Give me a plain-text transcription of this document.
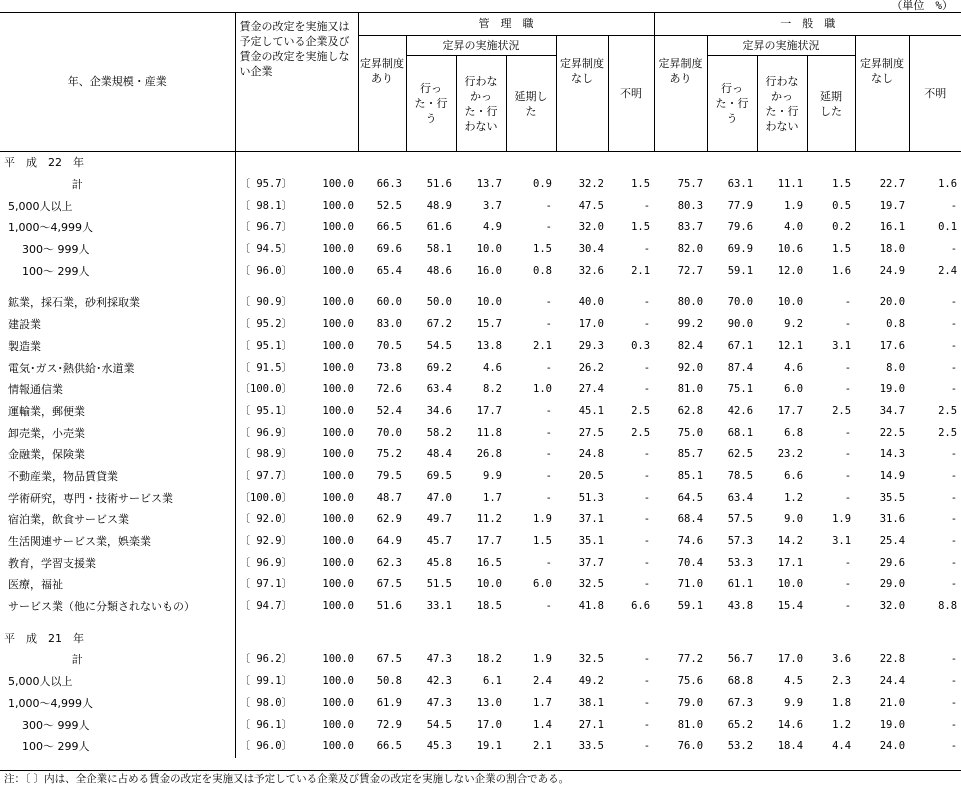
（単位　%）
年、企業規模・産業	賃金の改定を実施又は予定している企業及び賃金の改定を実施しない企業		管　理　職						一　般　職					
			定昇制度あり	定昇の実施状況			定昇制度なし	不明	定昇制度あり	定昇の実施状況			定昇制度なし	不明
				行った・行う	行わなかった・行わない	延期した				行った・行う	行わなかった・行わない	延期した		
平　成　22　年														
計	〔 95.7〕	100.0	66.3	51.6	13.7	0.9	32.2	1.5	75.7	63.1	11.1	1.5	22.7	1.6
5,000人以上	〔 98.1〕	100.0	52.5	48.9	3.7	-	47.5	-	80.3	77.9	1.9	0.5	19.7	-
1,000～4,999人	〔 96.7〕	100.0	66.5	61.6	4.9	-	32.0	1.5	83.7	79.6	4.0	0.2	16.1	0.1
300～ 999人	〔 94.5〕	100.0	69.6	58.1	10.0	1.5	30.4	-	82.0	69.9	10.6	1.5	18.0	-
100～ 299人	〔 96.0〕	100.0	65.4	48.6	16.0	0.8	32.6	2.1	72.7	59.1	12.0	1.6	24.9	2.4

鉱業，採石業，砂利採取業	〔 90.9〕	100.0	60.0	50.0	10.0	-	40.0	-	80.0	70.0	10.0	-	20.0	-
建設業	〔 95.2〕	100.0	83.0	67.2	15.7	-	17.0	-	99.2	90.0	9.2	-	0.8	-
製造業	〔 95.1〕	100.0	70.5	54.5	13.8	2.1	29.3	0.3	82.4	67.1	12.1	3.1	17.6	-
電気･ガス･熱供給･水道業	〔 91.5〕	100.0	73.8	69.2	4.6	-	26.2	-	92.0	87.4	4.6	-	8.0	-
情報通信業	〔100.0〕	100.0	72.6	63.4	8.2	1.0	27.4	-	81.0	75.1	6.0	-	19.0	-
運輸業，郵便業	〔 95.1〕	100.0	52.4	34.6	17.7	-	45.1	2.5	62.8	42.6	17.7	2.5	34.7	2.5
卸売業，小売業	〔 96.9〕	100.0	70.0	58.2	11.8	-	27.5	2.5	75.0	68.1	6.8	-	22.5	2.5
金融業，保険業	〔 98.9〕	100.0	75.2	48.4	26.8	-	24.8	-	85.7	62.5	23.2	-	14.3	-
不動産業，物品賃貸業	〔 97.7〕	100.0	79.5	69.5	9.9	-	20.5	-	85.1	78.5	6.6	-	14.9	-
学術研究，専門・技術サービス業	〔100.0〕	100.0	48.7	47.0	1.7	-	51.3	-	64.5	63.4	1.2	-	35.5	-
宿泊業，飲食サービス業	〔 92.0〕	100.0	62.9	49.7	11.2	1.9	37.1	-	68.4	57.5	9.0	1.9	31.6	-
生活関連サービス業，娯楽業	〔 92.9〕	100.0	64.9	45.7	17.7	1.5	35.1	-	74.6	57.3	14.2	3.1	25.4	-
教育，学習支援業	〔 96.9〕	100.0	62.3	45.8	16.5	-	37.7	-	70.4	53.3	17.1	-	29.6	-
医療，福祉	〔 97.1〕	100.0	67.5	51.5	10.0	6.0	32.5	-	71.0	61.1	10.0	-	29.0	-
サービス業（他に分類されないもの）	〔 94.7〕	100.0	51.6	33.1	18.5	-	41.8	6.6	59.1	43.8	15.4	-	32.0	8.8

平　成　21　年														
計	〔 96.2〕	100.0	67.5	47.3	18.2	1.9	32.5	-	77.2	56.7	17.0	3.6	22.8	-
5,000人以上	〔 99.1〕	100.0	50.8	42.3	6.1	2.4	49.2	-	75.6	68.8	4.5	2.3	24.4	-
1,000～4,999人	〔 98.0〕	100.0	61.9	47.3	13.0	1.7	38.1	-	79.0	67.3	9.9	1.8	21.0	-
300～ 999人	〔 96.1〕	100.0	72.9	54.5	17.0	1.4	27.1	-	81.0	65.2	14.6	1.2	19.0	-
100～ 299人	〔 96.0〕	100.0	66.5	45.3	19.1	2.1	33.5	-	76.0	53.2	18.4	4.4	24.0	-
注：〔 〕内は、全企業に占める賃金の改定を実施又は予定している企業及び賃金の改定を実施しない企業の割合である。
